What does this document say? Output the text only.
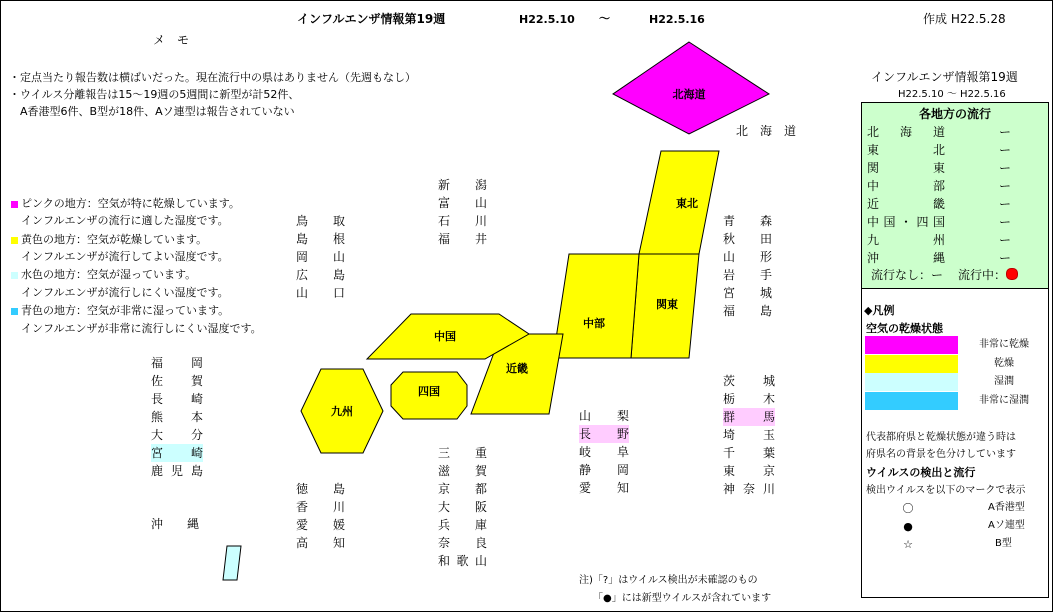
インフルエンザ情報第19週	H22.5.10 〜	H22.5.16	作成 H22.5.28
メ　モ
・定点当たり報告数は横ばいだった。現在流行中の県はありません（先週もなし）
・ウイルス分離報告は15〜19週の5週間に新型が計52件、
　A香港型6件、B型が18件、Aソ連型は報告されていない
ピンクの地方：空気が特に乾燥しています。
インフルエンザの流行に適した湿度です。
黄色の地方：空気が乾燥しています。
インフルエンザが流行してよい湿度です。
水色の地方：空気が湿っています。
インフルエンザが流行しにくい湿度です。
青色の地方：空気が非常に湿っています。
インフルエンザが非常に流行しにくい湿度です。
北海道
東北
関東
中部
近畿
中国
四国
九州
北　海　道
新　潟
富　山
石　川
福　井
青　森
秋　田
山　形
岩　手
宮　城
福　島
鳥　取
島　根
岡　山
広　島
山　口
福　岡
佐　賀
長　崎
熊　本
大　分
宮　崎
鹿児島
沖　縄
茨　城
栃　木
群　馬
埼　玉
千　葉
東　京
神奈川
山　梨
長　野
岐　阜
静　岡
愛　知
三　重
滋　賀
京　都
大　阪
兵　庫
奈　良
和歌山
徳　島
香　川
愛　媛
高　知
注)「?」はウイルス検出が未確認のもの
「●」には新型ウイルスが含れています
インフルエンザ情報第19週
H22.5.10 〜 H22.5.16
各地方の流行
北海道	ー
東北	ー
関東	ー
中部	ー
近畿	ー
中国・四国	ー
九州	ー
沖縄	ー
流行なし：ー 流行中：
◆凡例
空気の乾燥状態
非常に乾燥
乾燥
湿潤
非常に湿潤
代表都府県と乾燥状態が違う時は
府県名の背景を色分けしています
ウイルスの検出と流行
検出ウイルスを以下のマークで表示
〇	A香港型
●	Aソ連型
☆	B型
